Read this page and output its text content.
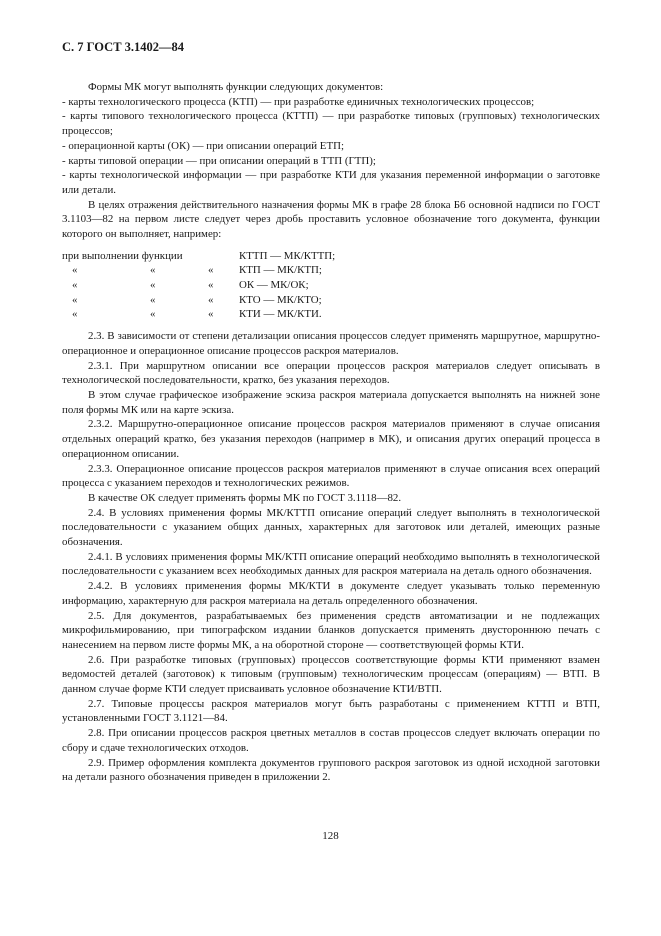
С. 7 ГОСТ 3.1402—84

Формы МК могут выполнять функции следующих документов:

- карты технологического процесса (КТП) — при разработке единичных технологических процессов;

- карты типового технологического процесса (КТТП) — при разработке типовых (групповых) технологических процессов;

- операционной карты (ОК) — при описании операций ЕТП;

- карты типовой операции — при описании операций в ТТП (ГТП);

- карты технологической информации — при разработке КТИ для указания переменной информации о заготовке или детали.

В целях отражения действительного назначения формы МК в графе 28 блока Б6 основной надписи по ГОСТ 3.1103—82 на первом листе следует через дробь проставить условное обозначение того документа, функции которого он выполняет, например:

при выполнении функции	КТТП — МК/КТТП;
«	«	« КТП — МК/КТП;
«	«	« ОК — МК/ОК;
«	«	« КТО — МК/КТО;
«	«	« КТИ — МК/КТИ.

2.3. В зависимости от степени детализации описания процессов следует применять маршрутное, маршрутно-операционное и операционное описание процессов раскроя материалов.

2.3.1. При маршрутном описании все операции процессов раскроя материалов следует описывать в технологической последовательности, кратко, без указания переходов.

В этом случае графическое изображение эскиза раскроя материала допускается выполнять на нижней зоне поля формы МК или на карте эскиза.

2.3.2. Маршрутно-операционное описание процессов раскроя материалов применяют в случае описания отдельных операций кратко, без указания переходов (например в МК), и описания других операций процесса в операционном описании.

2.3.3. Операционное описание процессов раскроя материалов применяют в случае описания всех операций процесса с указанием переходов и технологических режимов.

В качестве ОК следует применять формы МК по ГОСТ 3.1118—82.

2.4. В условиях применения формы МК/КТТП описание операций следует выполнять в технологической последовательности с указанием общих данных, характерных для заготовок или деталей, имеющих разные обозначения.

2.4.1. В условиях применения формы МК/КТП описание операций необходимо выполнять в технологической последовательности с указанием всех необходимых данных для раскроя материала на деталь одного обозначения.

2.4.2. В условиях применения формы МК/КТИ в документе следует указывать только переменную информацию, характерную для раскроя материала на деталь определенного обозначения.

2.5. Для документов, разрабатываемых без применения средств автоматизации и не подлежащих микрофильмированию, при типографском издании бланков допускается применять двустороннюю печать с нанесением на первом листе формы МК, а на оборотной стороне — соответствующей формы КТИ.

2.6. При разработке типовых (групповых) процессов соответствующие формы КТИ применяют взамен ведомостей деталей (заготовок) к типовым (групповым) технологическим процессам (операциям) — ВТП. В данном случае форме КТИ следует присваивать условное обозначение КТИ/ВТП.

2.7. Типовые процессы раскроя материалов могут быть разработаны с применением КТТП и ВТП, установленными ГОСТ 3.1121—84.

2.8. При описании процессов раскроя цветных металлов в состав процессов следует включать операции по сбору и сдаче технологических отходов.

2.9. Пример оформления комплекта документов группового раскроя заготовок из одной исходной заготовки на детали разного обозначения приведен в приложении 2.

128
